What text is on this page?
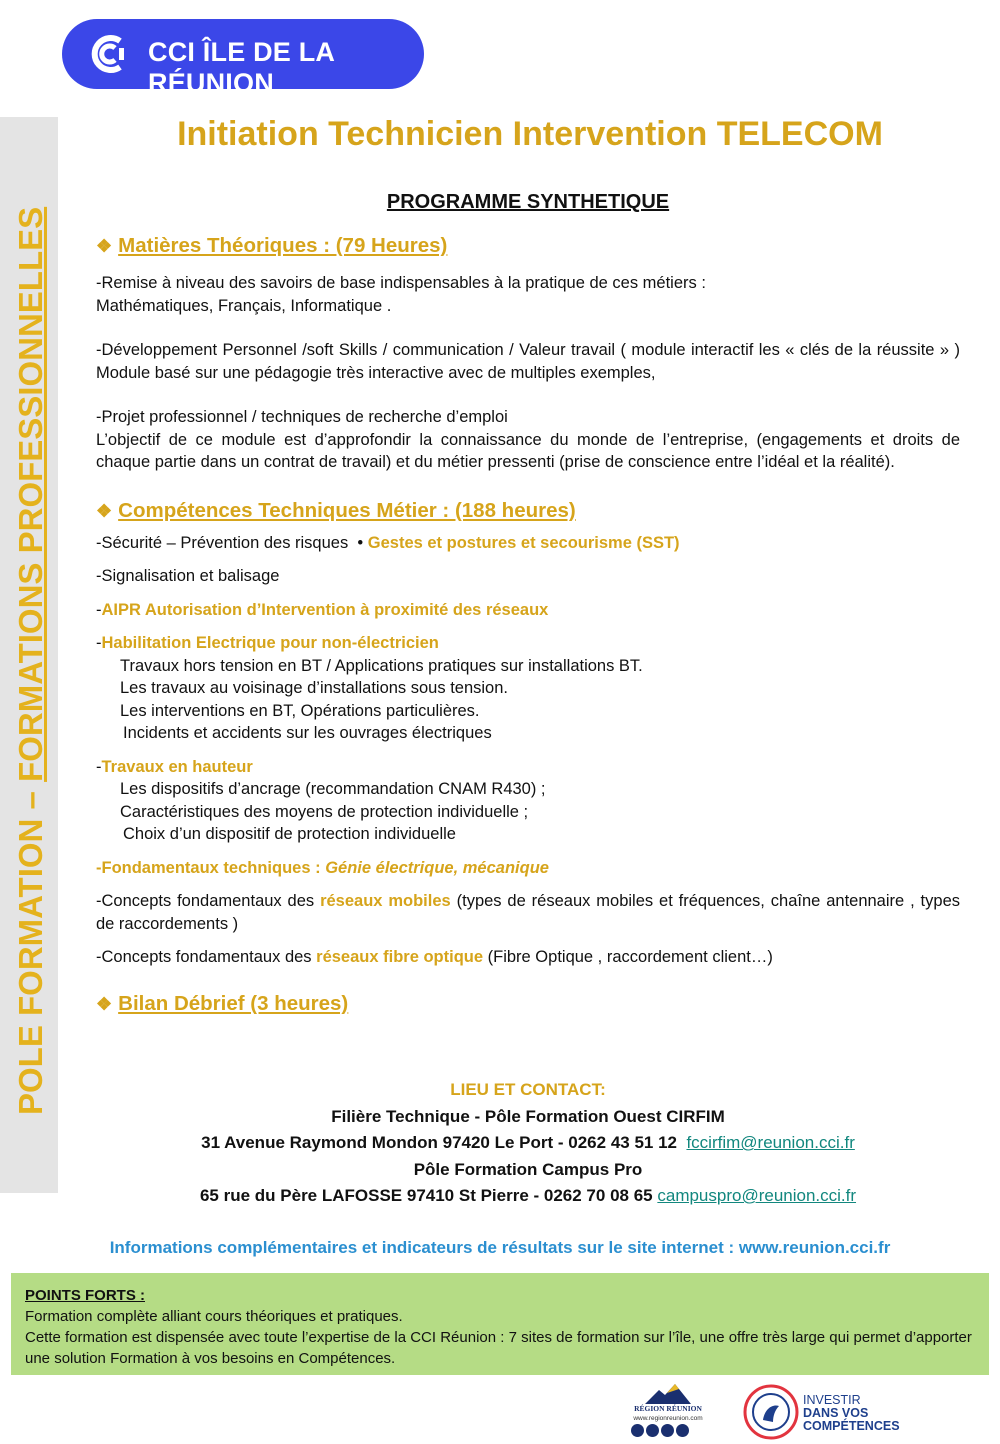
CCI ÎLE DE LA RÉUNION
POLE FORMATION – FORMATIONS PROFESSIONNELLES
Initiation Technicien Intervention TELECOM
PROGRAMME SYNTHETIQUE

❖ Matières Théoriques : (79 Heures)

-Remise à niveau des savoirs de base indispensables à la pratique de ces métiers :

Mathématiques, Français, Informatique .

-Développement Personnel /soft Skills / communication / Valeur travail ( module interactif les « clés de la réussite » ) Module basé sur une pédagogie très interactive avec de multiples exemples,

-Projet professionnel / techniques de recherche d’emploi

L’objectif de ce module est d’approfondir la connaissance du monde de l’entreprise, (engagements et droits de chaque partie dans un contrat de travail) et du métier pressenti (prise de conscience entre l’idéal et la réalité).

❖ Compétences Techniques Métier : (188 heures)

-Sécurité – Prévention des risques • Gestes et postures et secourisme (SST)

-Signalisation et balisage

-AIPR Autorisation d’Intervention à proximité des réseaux

-Habilitation Electrique pour non-électricien

Travaux hors tension en BT / Applications pratiques sur installations BT.

Les travaux au voisinage d’installations sous tension.

Les interventions en BT, Opérations particulières.

Incidents et accidents sur les ouvrages électriques

-Travaux en hauteur

Les dispositifs d’ancrage (recommandation CNAM R430) ;

Caractéristiques des moyens de protection individuelle ;

Choix d’un dispositif de protection individuelle

-Fondamentaux techniques : Génie électrique, mécanique

-Concepts fondamentaux des réseaux mobiles (types de réseaux mobiles et fréquences, chaîne antennaire , types de raccordements )

-Concepts fondamentaux des réseaux fibre optique (Fibre Optique , raccordement client…)

❖ Bilan Débrief (3 heures)

LIEU ET CONTACT:
Filière Technique - Pôle Formation Ouest CIRFIM
31 Avenue Raymond Mondon 97420 Le Port - 0262 43 51 12 fccirfim@reunion.cci.fr
Pôle Formation Campus Pro
65 rue du Père LAFOSSE 97410 St Pierre - 0262 70 08 65 campuspro@reunion.cci.fr
Informations complémentaires et indicateurs de résultats sur le site internet : www.reunion.cci.fr
POINTS FORTS :
Formation complète alliant cours théoriques et pratiques.
Cette formation est dispensée avec toute l’expertise de la CCI Réunion : 7 sites de formation sur l’île, une offre très large qui permet d’apporter une solution Formation à vos besoins en Compétences.
RÉGION RÉUNION
www.regionreunion.com
INVESTIR
DANS VOS
COMPÉTENCES
